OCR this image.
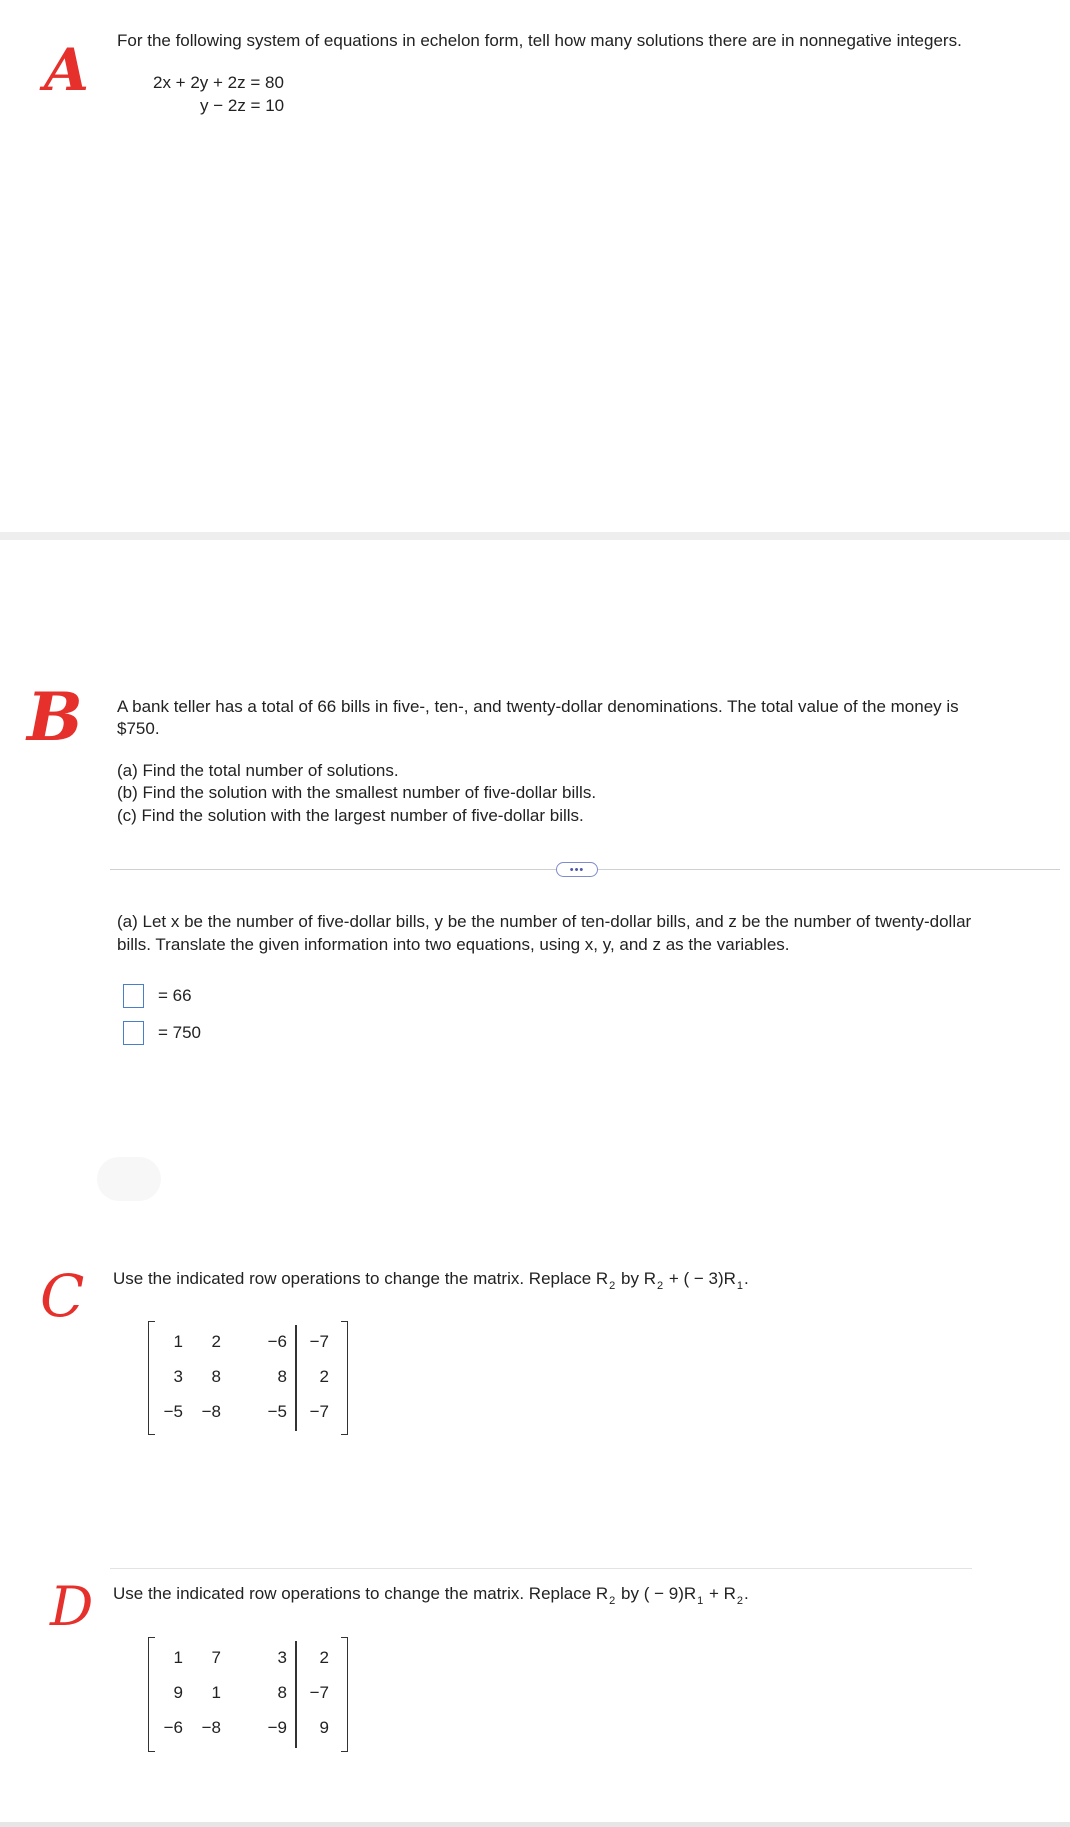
A For the following system of equations in echelon form, tell how many solutions there are in nonnegative integers.
2x + 2y + 2z = 80
y − 2z = 10
B A bank teller has a total of 66 bills in five-, ten-, and twenty-dollar denominations. The total value of the money is
$750.
(a) Find the total number of solutions.
(b) Find the solution with the smallest number of five-dollar bills.
(c) Find the solution with the largest number of five-dollar bills.
•••
(a) Let x be the number of five-dollar bills, y be the number of ten-dollar bills, and z be the number of twenty-dollar
bills. Translate the given information into two equations, using x, y, and z as the variables.
= 66
= 750
C Use the indicated row operations to change the matrix. Replace $R_2$ by $R_2$ + ( − $3)R_1$.
1	2	−6	−7
3	8	8	2
−5	−8	−5	−7
D Use the indicated row operations to change the matrix. Replace $R_2$ by ( − $9)R_1 + R_2$.
1	7	3	2
9	1	8	−7
−6	−8	−9	9
